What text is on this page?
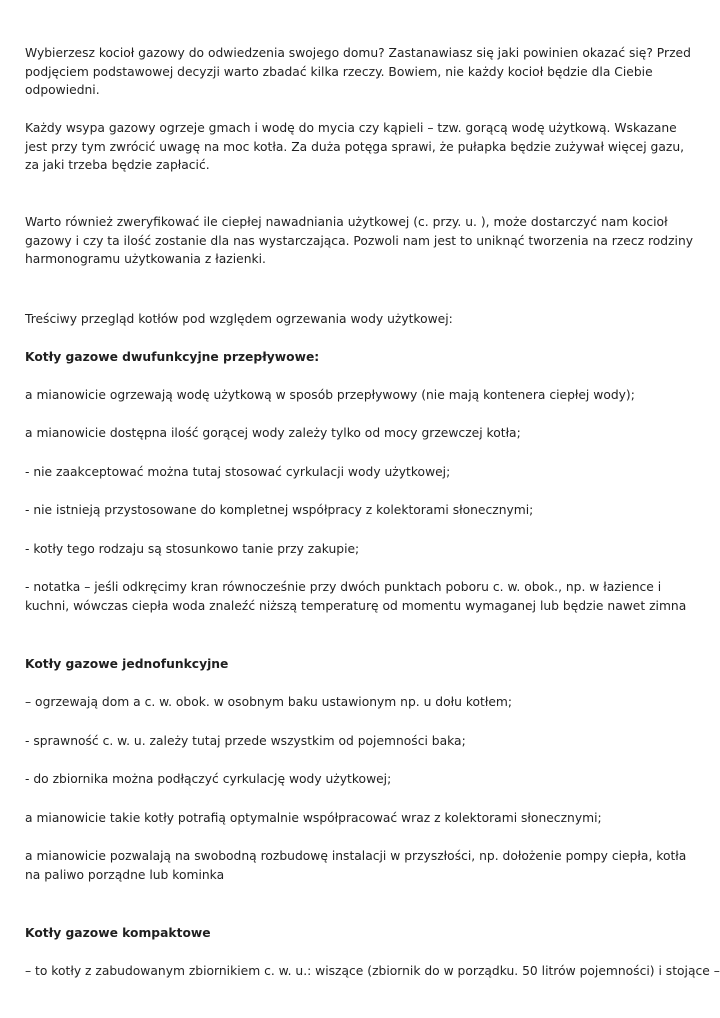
Wybierzesz kocioł gazowy do odwiedzenia swojego domu? Zastanawiasz się jaki powinien okazać się? Przed podjęciem podstawowej decyzji warto zbadać kilka rzeczy. Bowiem, nie każdy kocioł będzie dla Ciebie odpowiedni.

Każdy wsypa gazowy ogrzeje gmach i wodę do mycia czy kąpieli – tzw. gorącą wodę użytkową. Wskazane jest przy tym zwrócić uwagę na moc kotła. Za duża potęga sprawi, że pułapka będzie zużywał więcej gazu, za jaki trzeba będzie zapłacić.

Warto również zweryfikować ile ciepłej nawadniania użytkowej (c. przy. u. ), może dostarczyć nam kocioł gazowy i czy ta ilość zostanie dla nas wystarczająca. Pozwoli nam jest to uniknąć tworzenia na rzecz rodziny harmonogramu użytkowania z łazienki.

Treściwy przegląd kotłów pod względem ogrzewania wody użytkowej:

Kotły gazowe dwufunkcyjne przepływowe:

a mianowicie ogrzewają wodę użytkową w sposób przepływowy (nie mają kontenera ciepłej wody);

a mianowicie dostępna ilość gorącej wody zależy tylko od mocy grzewczej kotła;

- nie zaakceptować można tutaj stosować cyrkulacji wody użytkowej;

- nie istnieją przystosowane do kompletnej współpracy z kolektorami słonecznymi;

- kotły tego rodzaju są stosunkowo tanie przy zakupie;

- notatka – jeśli odkręcimy kran równocześnie przy dwóch punktach poboru c. w. obok., np. w łazience i kuchni, wówczas ciepła woda znaleźć niższą temperaturę od momentu wymaganej lub będzie nawet zimna

Kotły gazowe jednofunkcyjne

– ogrzewają dom a c. w. obok. w osobnym baku ustawionym np. u dołu kotłem;

- sprawność c. w. u. zależy tutaj przede wszystkim od pojemności baka;

- do zbiornika można podłączyć cyrkulację wody użytkowej;

a mianowicie takie kotły potrafią optymalnie współpracować wraz z kolektorami słonecznymi;

a mianowicie pozwalają na swobodną rozbudowę instalacji w przyszłości, np. dołożenie pompy ciepła, kotła na paliwo porządne lub kominka

Kotły gazowe kompaktowe

– to kotły z zabudowanym zbiornikiem c. w. u.: wiszące (zbiornik do w porządku. 50 litrów pojemności) i stojące –
